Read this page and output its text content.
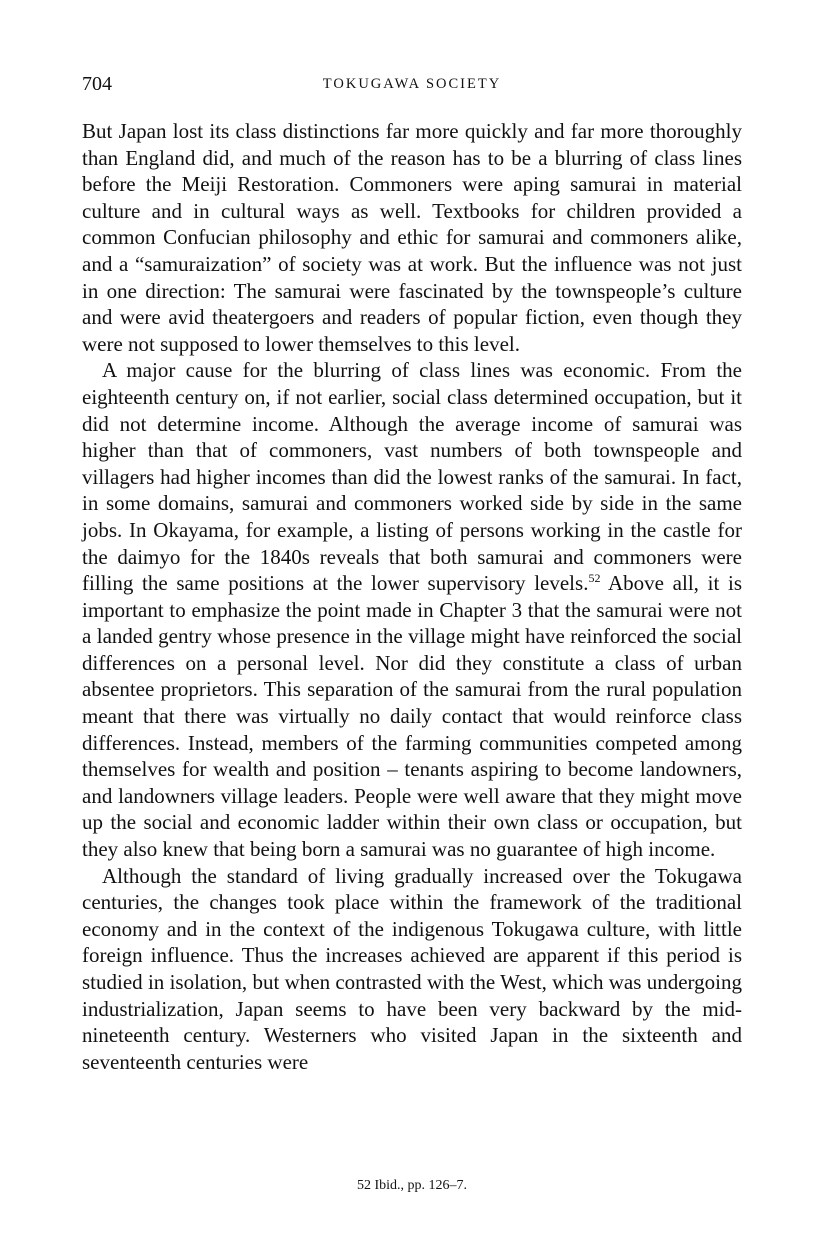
704	TOKUGAWA SOCIETY

But Japan lost its class distinctions far more quickly and far more thoroughly than England did, and much of the reason has to be a blurring of class lines before the Meiji Restoration. Commoners were aping samurai in material culture and in cultural ways as well. Textbooks for children provided a common Confucian philosophy and ethic for samurai and commoners alike, and a “samuraization” of society was at work. But the influence was not just in one direction: The samurai were fascinated by the townspeople’s culture and were avid theatergoers and readers of popular fiction, even though they were not supposed to lower themselves to this level.

A major cause for the blurring of class lines was economic. From the eighteenth century on, if not earlier, social class determined occupation, but it did not determine income. Although the average income of samurai was higher than that of commoners, vast numbers of both townspeople and villagers had higher incomes than did the lowest ranks of the samurai. In fact, in some domains, samurai and commoners worked side by side in the same jobs. In Okayama, for example, a listing of persons working in the castle for the daimyo for the 1840s reveals that both samurai and commoners were filling the same positions at the lower supervisory levels.$^{52}$ Above all, it is important to emphasize the point made in Chapter 3 that the samurai were not a landed gentry whose presence in the village might have reinforced the social differences on a personal level. Nor did they constitute a class of urban absentee proprietors. This separation of the samurai from the rural population meant that there was virtually no daily contact that would reinforce class differences. Instead, members of the farming communities competed among themselves for wealth and position – tenants aspiring to become landowners, and landowners village leaders. People were well aware that they might move up the social and economic ladder within their own class or occupation, but they also knew that being born a samurai was no guarantee of high income.

Although the standard of living gradually increased over the Tokugawa centuries, the changes took place within the framework of the traditional economy and in the context of the indigenous Tokugawa culture, with little foreign influence. Thus the increases achieved are apparent if this period is studied in isolation, but when contrasted with the West, which was undergoing industrialization, Japan seems to have been very backward by the mid-nineteenth century. Westerners who visited Japan in the sixteenth and seventeenth centuries were

52 Ibid., pp. 126–7.
